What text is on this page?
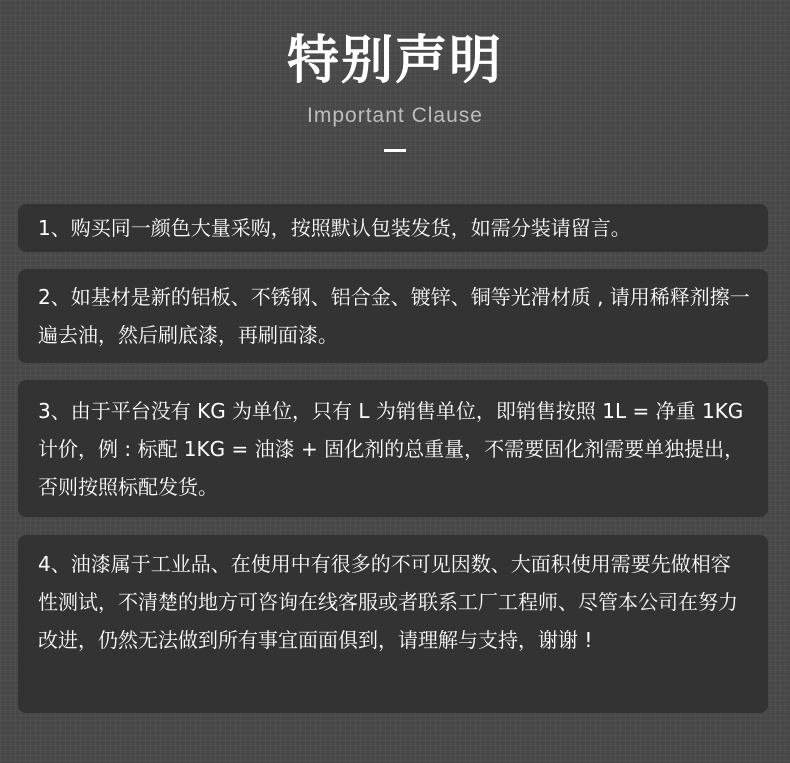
特别声明
Important Clause

1、购买同一颜色大量采购，按照默认包装发货，如需分装请留言。

2、如基材是新的铝板、不锈钢、铝合金、镀锌、铜等光滑材质 , 请用稀释剂擦一遍去油，然后刷底漆，再刷面漆。

3、由于平台没有 KG 为单位，只有 L 为销售单位，即销售按照 1L = 净重 1KG 计价，例 : 标配 1KG = 油漆 + 固化剂的总重量，不需要固化剂需要单独提出，否则按照标配发货。

4、油漆属于工业品、在使用中有很多的不可见因数、大面积使用需要先做相容性测试，不清楚的地方可咨询在线客服或者联系工厂工程师、尽管本公司在努力改进，仍然无法做到所有事宜面面俱到，请理解与支持，谢谢 !
